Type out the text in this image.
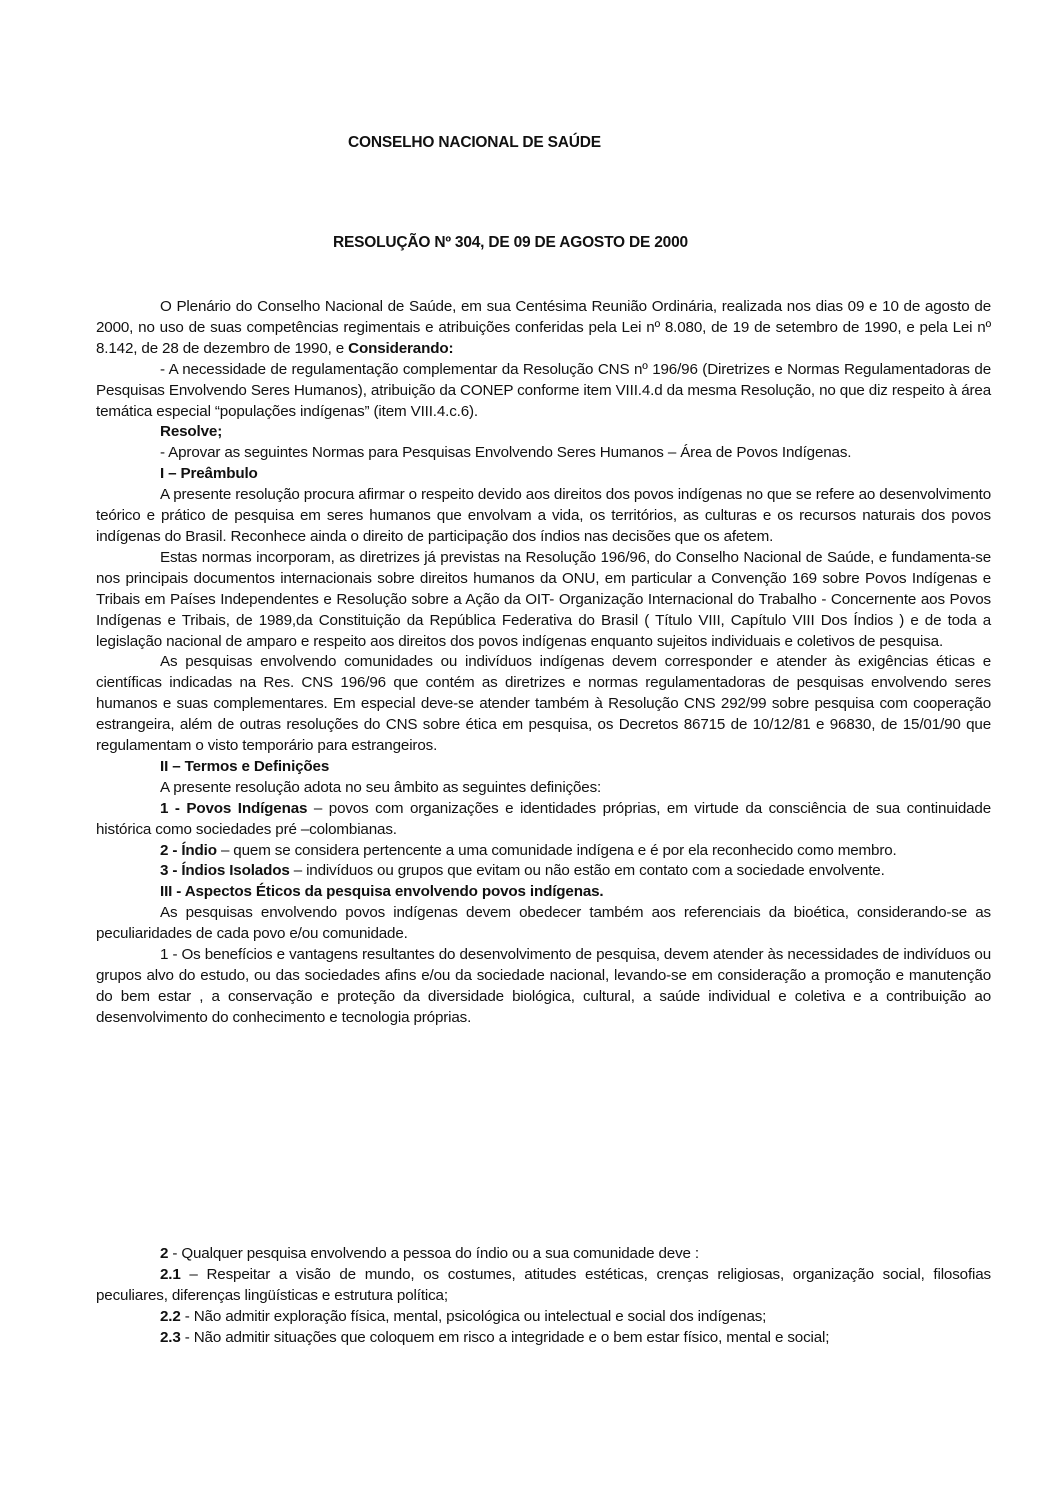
CONSELHO NACIONAL DE SAÚDE
RESOLUÇÃO Nº 304, DE 09 DE AGOSTO DE 2000

O Plenário do Conselho Nacional de Saúde, em sua Centésima Reunião Ordinária, realizada nos dias 09 e 10 de agosto de 2000, no uso de suas competências regimentais e atribuições conferidas pela Lei nº 8.080, de 19 de setembro de 1990, e pela Lei nº 8.142, de 28 de dezembro de 1990, e Considerando:

- A necessidade de regulamentação complementar da Resolução CNS nº 196/96 (Diretrizes e Normas Regulamentadoras de Pesquisas Envolvendo Seres Humanos), atribuição da CONEP conforme item VIII.4.d da mesma Resolução, no que diz respeito à área temática especial “populações indígenas” (item VIII.4.c.6).

Resolve;

- Aprovar as seguintes Normas para Pesquisas Envolvendo Seres Humanos – Área de Povos Indígenas.

I – Preâmbulo

A presente resolução procura afirmar o respeito devido aos direitos dos povos indígenas no que se refere ao desenvolvimento teórico e prático de pesquisa em seres humanos que envolvam a vida, os territórios, as culturas e os recursos naturais dos povos indígenas do Brasil. Reconhece ainda o direito de participação dos índios nas decisões que os afetem.

Estas normas incorporam, as diretrizes já previstas na Resolução 196/96, do Conselho Nacional de Saúde, e fundamenta-se nos principais documentos internacionais sobre direitos humanos da ONU, em particular a Convenção 169 sobre Povos Indígenas e Tribais em Países Independentes e Resolução sobre a Ação da OIT- Organização Internacional do Trabalho - Concernente aos Povos Indígenas e Tribais, de 1989,da Constituição da República Federativa do Brasil ( Título VIII, Capítulo VIII Dos Índios ) e de toda a legislação nacional de amparo e respeito aos direitos dos povos indígenas enquanto sujeitos individuais e coletivos de pesquisa.

As pesquisas envolvendo comunidades ou indivíduos indígenas devem corresponder e atender às exigências éticas e científicas indicadas na Res. CNS 196/96 que contém as diretrizes e normas regulamentadoras de pesquisas envolvendo seres humanos e suas complementares. Em especial deve-se atender também à Resolução CNS 292/99 sobre pesquisa com cooperação estrangeira, além de outras resoluções do CNS sobre ética em pesquisa, os Decretos 86715 de 10/12/81 e 96830, de 15/01/90 que regulamentam o visto temporário para estrangeiros.

II – Termos e Definições

A presente resolução adota no seu âmbito as seguintes definições:

1 - Povos Indígenas – povos com organizações e identidades próprias, em virtude da consciência de sua continuidade histórica como sociedades pré –colombianas.

2 - Índio – quem se considera pertencente a uma comunidade indígena e é por ela reconhecido como membro.

3 - Índios Isolados – indivíduos ou grupos que evitam ou não estão em contato com a sociedade envolvente.

III - Aspectos Éticos da pesquisa envolvendo povos indígenas.

As pesquisas envolvendo povos indígenas devem obedecer também aos referenciais da bioética, considerando-se as peculiaridades de cada povo e/ou comunidade.

1 - Os benefícios e vantagens resultantes do desenvolvimento de pesquisa, devem atender às necessidades de indivíduos ou grupos alvo do estudo, ou das sociedades afins e/ou da sociedade nacional, levando-se em consideração a promoção e manutenção do bem estar , a conservação e proteção da diversidade biológica, cultural, a saúde individual e coletiva e a contribuição ao desenvolvimento do conhecimento e tecnologia próprias.

2 - Qualquer pesquisa envolvendo a pessoa do índio ou a sua comunidade deve :

2.1 – Respeitar a visão de mundo, os costumes, atitudes estéticas, crenças religiosas, organização social, filosofias peculiares, diferenças lingüísticas e estrutura política;

2.2 - Não admitir exploração física, mental, psicológica ou intelectual e social dos indígenas;

2.3 - Não admitir situações que coloquem em risco a integridade e o bem estar físico, mental e social;
